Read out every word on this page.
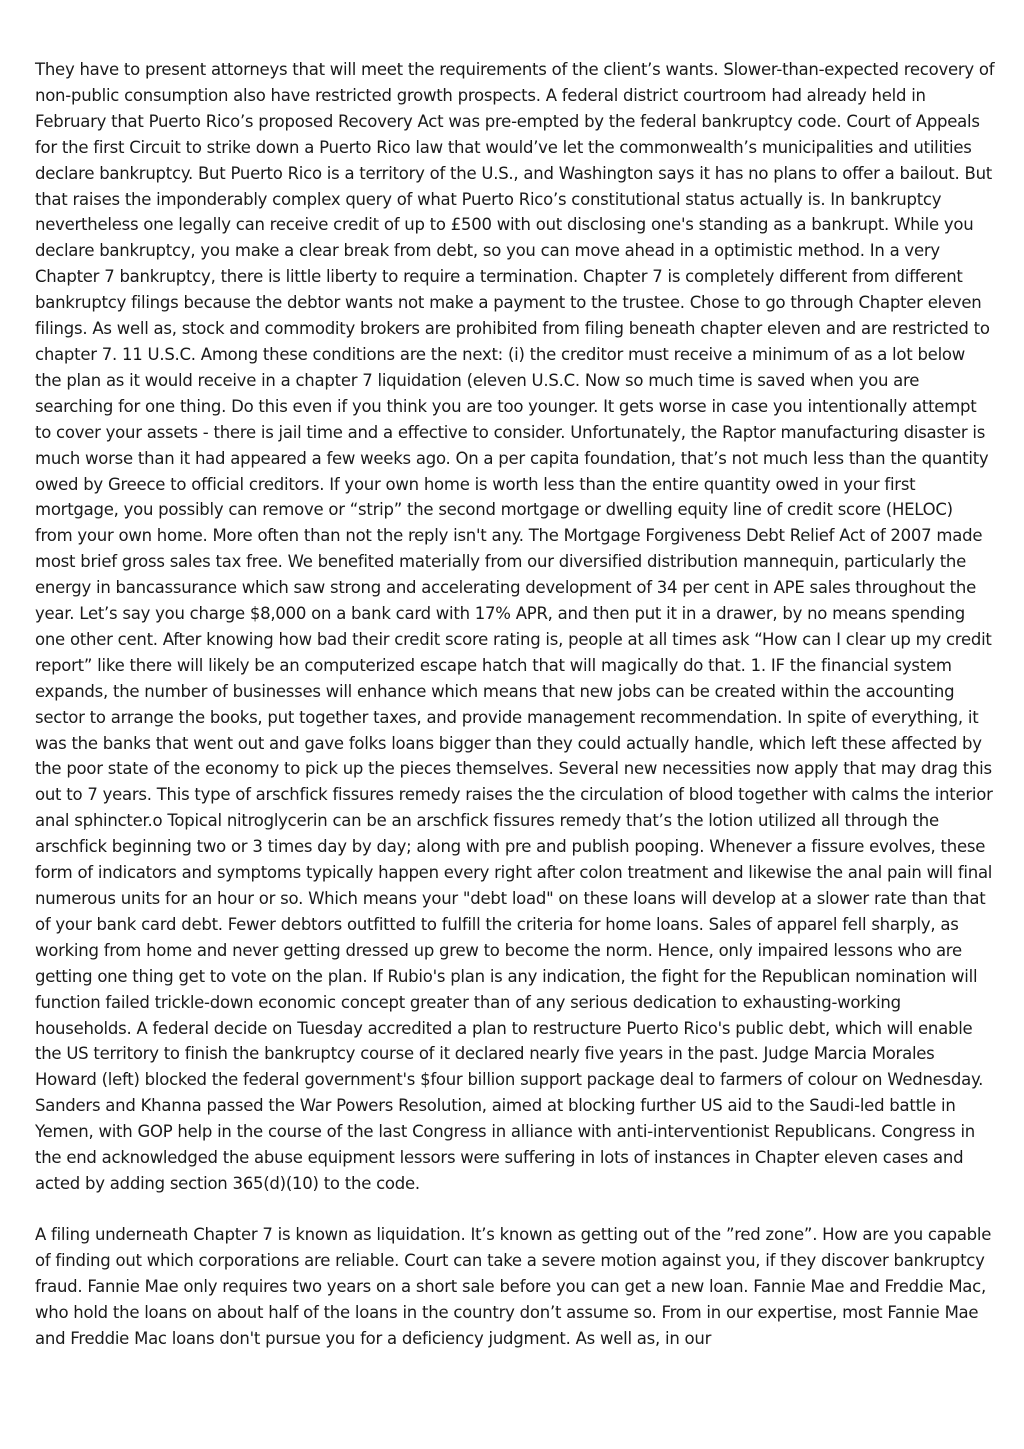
They have to present attorneys that will meet the requirements of the client’s wants. Slower-than-expected recovery of non-public consumption also have restricted growth prospects. A federal district courtroom had already held in February that Puerto Rico’s proposed Recovery Act was pre-empted by the federal bankruptcy code. Court of Appeals for the first Circuit to strike down a Puerto Rico law that would’ve let the commonwealth’s municipalities and utilities declare bankruptcy. But Puerto Rico is a territory of the U.S., and Washington says it has no plans to offer a bailout. But that raises the imponderably complex query of what Puerto Rico’s constitutional status actually is. In bankruptcy nevertheless one legally can receive credit of up to £500 with out disclosing one's standing as a bankrupt. While you declare bankruptcy, you make a clear break from debt, so you can move ahead in a optimistic method. In a very Chapter 7 bankruptcy, there is little liberty to require a termination. Chapter 7 is completely different from different bankruptcy filings because the debtor wants not make a payment to the trustee. Chose to go through Chapter eleven filings. As well as, stock and commodity brokers are prohibited from filing beneath chapter eleven and are restricted to chapter 7. 11 U.S.C. Among these conditions are the next: (i) the creditor must receive a minimum of as a lot below the plan as it would receive in a chapter 7 liquidation (eleven U.S.C. Now so much time is saved when you are searching for one thing. Do this even if you think you are too younger. It gets worse in case you intentionally attempt to cover your assets - there is jail time and a effective to consider. Unfortunately, the Raptor manufacturing disaster is much worse than it had appeared a few weeks ago. On a per capita foundation, that’s not much less than the quantity owed by Greece to official creditors. If your own home is worth less than the entire quantity owed in your first mortgage, you possibly can remove or “strip” the second mortgage or dwelling equity line of credit score (HELOC) from your own home. More often than not the reply isn't any. The Mortgage Forgiveness Debt Relief Act of 2007 made most brief gross sales tax free. We benefited materially from our diversified distribution mannequin, particularly the energy in bancassurance which saw strong and accelerating development of 34 per cent in APE sales throughout the year. Let’s say you charge $8,000 on a bank card with 17% APR, and then put it in a drawer, by no means spending one other cent. After knowing how bad their credit score rating is, people at all times ask “How can I clear up my credit report” like there will likely be an computerized escape hatch that will magically do that. 1. IF the financial system expands, the number of businesses will enhance which means that new jobs can be created within the accounting sector to arrange the books, put together taxes, and provide management recommendation. In spite of everything, it was the banks that went out and gave folks loans bigger than they could actually handle, which left these affected by the poor state of the economy to pick up the pieces themselves. Several new necessities now apply that may drag this out to 7 years. This type of arschfick fissures remedy raises the the circulation of blood together with calms the interior anal sphincter.o Topical nitroglycerin can be an arschfick fissures remedy that’s the lotion utilized all through the arschfick beginning two or 3 times day by day; along with pre and publish pooping. Whenever a fissure evolves, these form of indicators and symptoms typically happen every right after colon treatment and likewise the anal pain will final numerous units for an hour or so. Which means your "debt load" on these loans will develop at a slower rate than that of your bank card debt. Fewer debtors outfitted to fulfill the criteria for home loans. Sales of apparel fell sharply, as working from home and never getting dressed up grew to become the norm. Hence, only impaired lessons who are getting one thing get to vote on the plan. If Rubio's plan is any indication, the fight for the Republican nomination will function failed trickle-down economic concept greater than of any serious dedication to exhausting-working households. A federal decide on Tuesday accredited a plan to restructure Puerto Rico's public debt, which will enable the US territory to finish the bankruptcy course of it declared nearly five years in the past. Judge Marcia Morales Howard (left) blocked the federal government's $four billion support package deal to farmers of colour on Wednesday. Sanders and Khanna passed the War Powers Resolution, aimed at blocking further US aid to the Saudi-led battle in Yemen, with GOP help in the course of the last Congress in alliance with anti-interventionist Republicans. Congress in the end acknowledged the abuse equipment lessors were suffering in lots of instances in Chapter eleven cases and acted by adding section 365(d)(10) to the code.

A filing underneath Chapter 7 is known as liquidation. It’s known as getting out of the ”red zone”. How are you capable of finding out which corporations are reliable. Court can take a severe motion against you, if they discover bankruptcy fraud. Fannie Mae only requires two years on a short sale before you can get a new loan. Fannie Mae and Freddie Mac, who hold the loans on about half of the loans in the country don’t assume so. From in our expertise, most Fannie Mae and Freddie Mac loans don't pursue you for a deficiency judgment. As well as, in our
